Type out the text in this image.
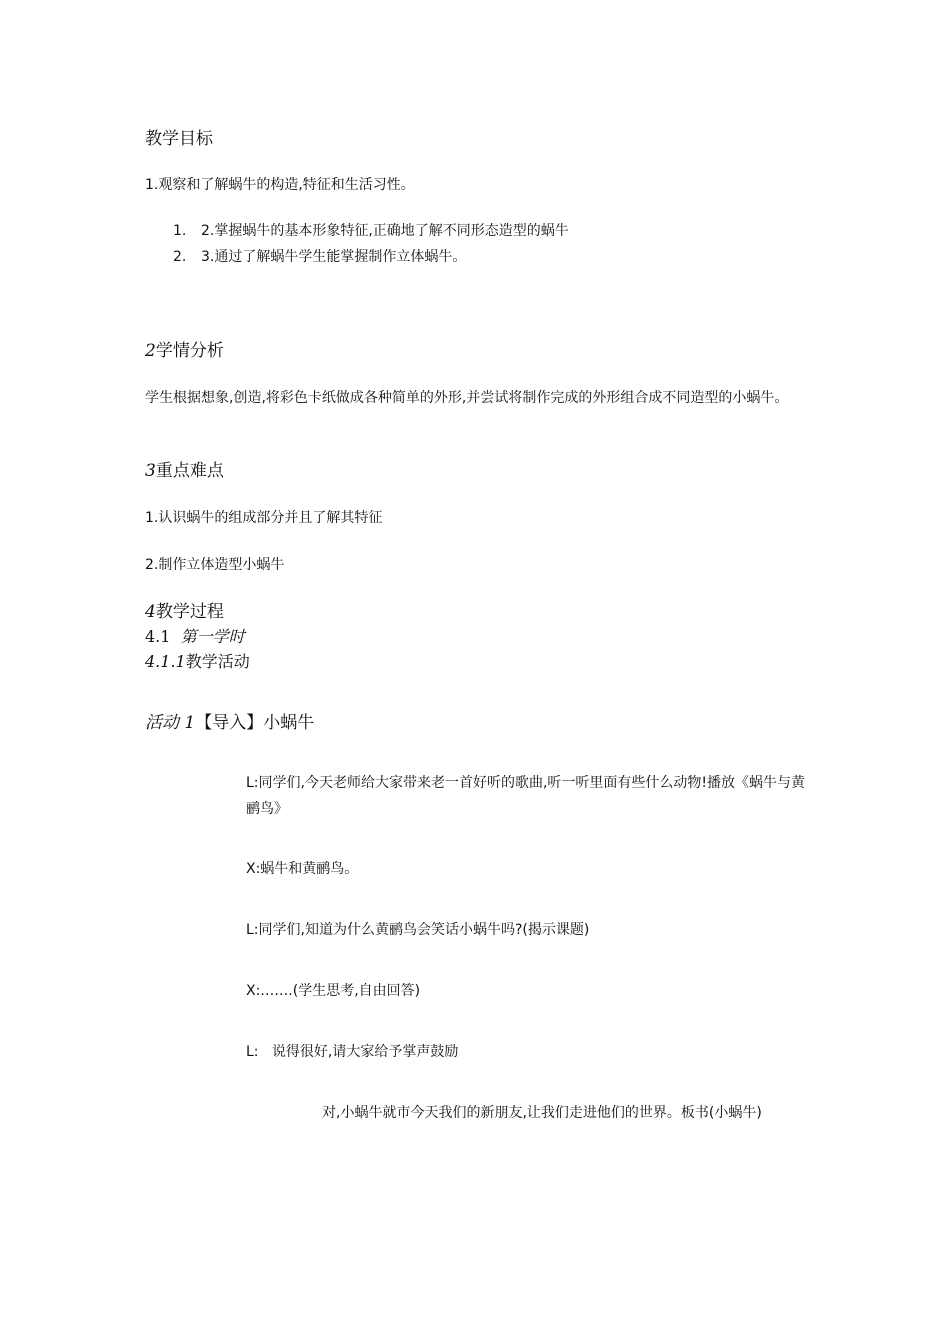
教学目标
1.观察和了解蜗牛的构造,特征和生活习性。
1. 2.掌握蜗牛的基本形象特征,正确地了解不同形态造型的蜗牛
2. 3.通过了解蜗牛学生能掌握制作立体蜗牛。
2学情分析
学生根据想象,创造,将彩色卡纸做成各种简单的外形,并尝试将制作完成的外形组合成不同造型的小蜗牛。
3重点难点
1.认识蜗牛的组成部分并且了解其特征
2.制作立体造型小蜗牛
4教学过程
4.1 第一学时
4.1.1教学活动
活动 1【导入】小蜗牛
L:同学们,今天老师给大家带来老一首好听的歌曲,听一听里面有些什么动物!播放《蜗牛与黄鹂鸟》
X:蜗牛和黄鹂鸟。
L:同学们,知道为什么黄鹂鸟会笑话小蜗牛吗?(揭示课题)
X:…….(学生思考,自由回答)
L:   说得很好,请大家给予掌声鼓励
对,小蜗牛就市今天我们的新朋友,让我们走进他们的世界。板书(小蜗牛)
